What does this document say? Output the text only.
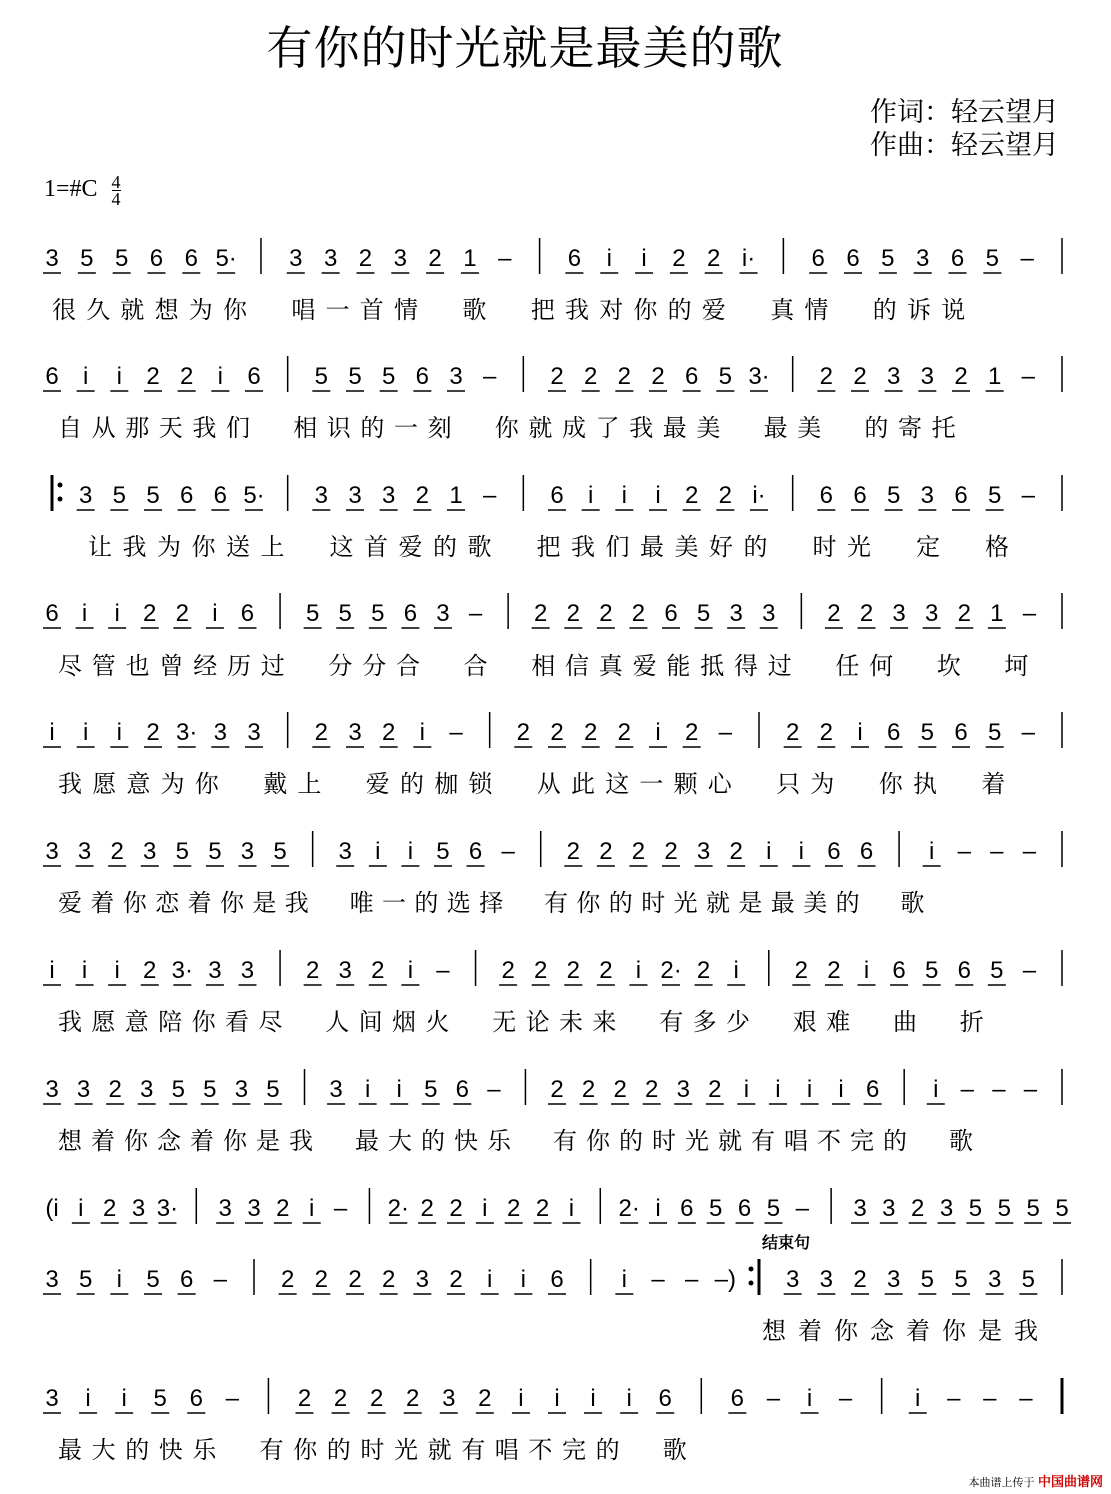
有你的时光就是最美的歌
作词：轻云望月
作曲：轻云望月
1=#C $\frac{4}{4}$
3 5 5 6 6 5· 3 3 2 3 2 1 – 6 i i 2 2 i· 6 6 5 3 6 5 –
很久就想为你　唱一首情　歌　把我对你的爱　真情　的诉说
6 i i 2 2 i 6 5 5 5 6 3 – 2 2 2 2 6 5 3· 2 2 3 3 2 1 –
自从那天我们　相识的一刻　你就成了我最美　最美　的寄托
3 5 5 6 6 5· 3 3 3 2 1 – 6 i i i 2 2 i· 6 6 5 3 6 5 –
让我为你送上　这首爱的歌　把我们最美好的　时光　定　格
6 i i 2 2 i 6 5 5 5 6 3 – 2 2 2 2 6 5 3 3 2 2 3 3 2 1 –
尽管也曾经历过　分分合　合　相信真爱能抵得过　任何　坎　坷
i i i 2 3· 3 3 2 3 2 i – 2 2 2 2 i 2 – 2 2 i 6 5 6 5 –
我愿意为你　戴上　爱的枷锁　从此这一颗心　只为　你执　着
3 3 2 3 5 5 3 5 3 i i 5 6 – 2 2 2 2 3 2 i i 6 6 i – – –
爱着你恋着你是我　唯一的选择　有你的时光就是最美的　歌
i i i 2 3· 3 3 2 3 2 i – 2 2 2 2 i 2· 2 i 2 2 i 6 5 6 5 –
我愿意陪你看尽　人间烟火　无论未来　有多少　艰难　曲　折
3 3 2 3 5 5 3 5 3 i i 5 6 – 2 2 2 2 3 2 i i i i 6 i – – –
想着你念着你是我　最大的快乐　有你的时光就有唱不完的　歌
(i i 2 3 3· 3 3 2 i – 2· 2 2 i 2 2 i 2· i 6 5 6 5 – 3 3 2 3 5 5 5 5
3 5 i 5 6 – 2 2 2 2 3 2 i i 6 i – – –) 3 3 2 3 5 5 3 5
想着你念着你是我
3 i i 5 6 – 2 2 2 2 3 2 i i i i 6 6 – i –	i – – –
最大的快乐　有你的时光就有唱不完的　歌
结束句
本曲谱上传于 中国曲谱网
